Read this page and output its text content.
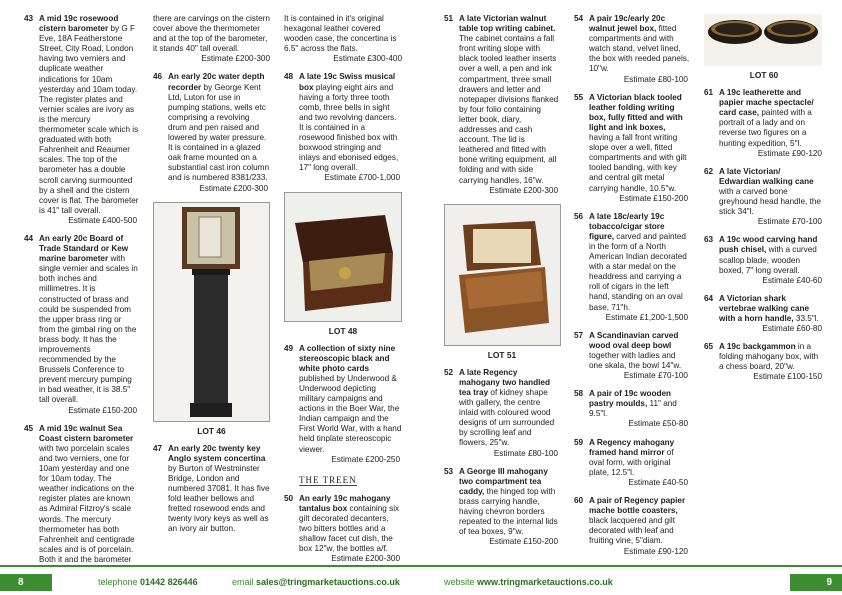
43 A mid 19c rosewood cistern barometer by G F Eve, 18A Featherstone Street, City Road, London having two verniers and duplicate weather indications for 10am yesterday and 10am today. The register plates and vernier scales are ivory as is the mercury thermometer scale which is graduated with both Fahrenheit and Reaumer scales. The top of the barometer has a double scroll carving surmounted by a shell and the cistern cover is flat. The barometer is 41" tall overall.
Estimate £400-500
44 An early 20c Board of Trade Standard or Kew marine barometer with single vernier and scales in both inches and millimetres. It is constructed of brass and could be suspended from the upper brass ring or from the gimbal ring on the brass body. It has the improvements recommended by the Brussels Conference to prevent mercury pumping in bad weather, it is 38.5" tall overall.
Estimate £150-200
45 A mid 19c walnut Sea Coast cistern barometer with two porcelain scales and two verniers, one for 10am yesterday and one for 10am today. The weather indications on the register plates are known as Admiral Fitzroy's scale words. The mercury thermometer has both Fahrenheit and centigrade scales and is of porcelain. Both it and the barometer
there are carvings on the cistern cover above the thermometer and at the top of the barometer, it stands 40" tall overall.
Estimate £200-300
46 An early 20c water depth recorder by George Kent Ltd, Luton for use in pumping stations, wells etc comprising a revolving drum and pen raised and lowered by water pressure. It is contained in a glazed oak frame mounted on a substantial cast iron column and is numbered 8381/233.
Estimate £200-300
LOT 46
47 An early 20c twenty key Anglo system concertina by Burton of Westminster Bridge, London and numbered 37081. It has five fold leather bellows and fretted rosewood ends and twenty ivory keys as well as an ivory air button.
It is contained in it's original hexagonal leather covered wooden case, the concertina is 6.5" across the flats.
Estimate £300-400
48 A late 19c Swiss musical box playing eight airs and having a forty three tooth comb, three bells in sight and two revolving dancers. It is contained in a rosewood finished box with boxwood stringing and inlays and ebonised edges, 17" long overall.
Estimate £700-1,000
LOT 48
49 A collection of sixty nine stereoscopic black and white photo cards published by Underwood & Underwood depicting military campaigns and actions in the Boer War, the Indian campaign and the First World War, with a hand held tinplate stereoscopic viewer.
Estimate £200-250
THE TREEN
50 An early 19c mahogany tantalus box containing six gilt decorated decanters, two bitters bottles and a shallow facet cut dish, the box 12"w, the bottles a/f.
Estimate £200-300
51 A late Victorian walnut table top writing cabinet. The cabinet contains a fall front writing slope with black tooled leather inserts over a well, a pen and ink compartment, three small drawers and letter and notepaper divisions flanked by four folio containing letter book, diary, addresses and cash account. The lid is leathered and fitted with bone writing equipment, all folding and with side carrying handles, 16"w.
Estimate £200-300
LOT 51
52 A late Regency mahogany two handled tea tray of kidney shape with gallery, the centre inlaid with coloured wood designs of urn surrounded by scrolling leaf and flowers, 25"w.
Estimate £80-100
53 A George III mahogany two compartment tea caddy, the hinged top with brass carrying handle, having chevron borders repeated to the internal lids of tea boxes, 9"w.
Estimate £150-200
54 A pair 19c/early 20c walnut jewel box, fitted compartments and with watch stand, velvet lined, the box with reeded panels, 10"w.
Estimate £80-100
55 A Victorian black tooled leather folding writing box, fully fitted and with light and ink boxes, having a fall front writing slope over a well, fitted compartments and with gilt tooled banding, with key and central gilt metal carrying handle, 10.5"w.
Estimate £150-200
56 A late 18c/early 19c tobacco/cigar store figure, carved and painted in the form of a North American Indian decorated with a star medal on the headdress and carrying a roll of cigars in the left hand, standing on an oval base, 71"h.
Estimate £1,200-1,500
57 A Scandinavian carved wood oval deep bowl together with ladies and one skala, the bowl 14"w.
Estimate £70-100
58 A pair of 19c wooden pastry moulds, 11" and 9.5"l.
Estimate £50-80
59 A Regency mahogany framed hand mirror of oval form, with original plate, 12.5"l.
Estimate £40-50
60 A pair of Regency papier mache bottle coasters, black lacquered and gilt decorated with leaf and fruiting vine, 5"diam.
Estimate £90-120
LOT 60
61 A 19c leatherette and papier mache spectacle/ card case, painted with a portrait of a lady and on reverse two figures on a hunting expedition, 5"l.
Estimate £90-120
62 A late Victorian/ Edwardian walking cane with a carved bone greyhound head handle, the stick 34"l.
Estimate £70-100
63 A 19c wood carving hand push chisel, with a curved scallop blade, wooden boxed, 7" long overall.
Estimate £40-60
64 A Victorian shark vertebrae walking cane with a horn handle, 33.5"l.
Estimate £60-80
65 A 19c backgammon in a folding mahogany box, with a chess board, 20"w.
Estimate £100-150
8	telephone 01442 826446	email sales@tringmarketauctions.co.uk	website www.tringmarketauctions.co.uk	9
